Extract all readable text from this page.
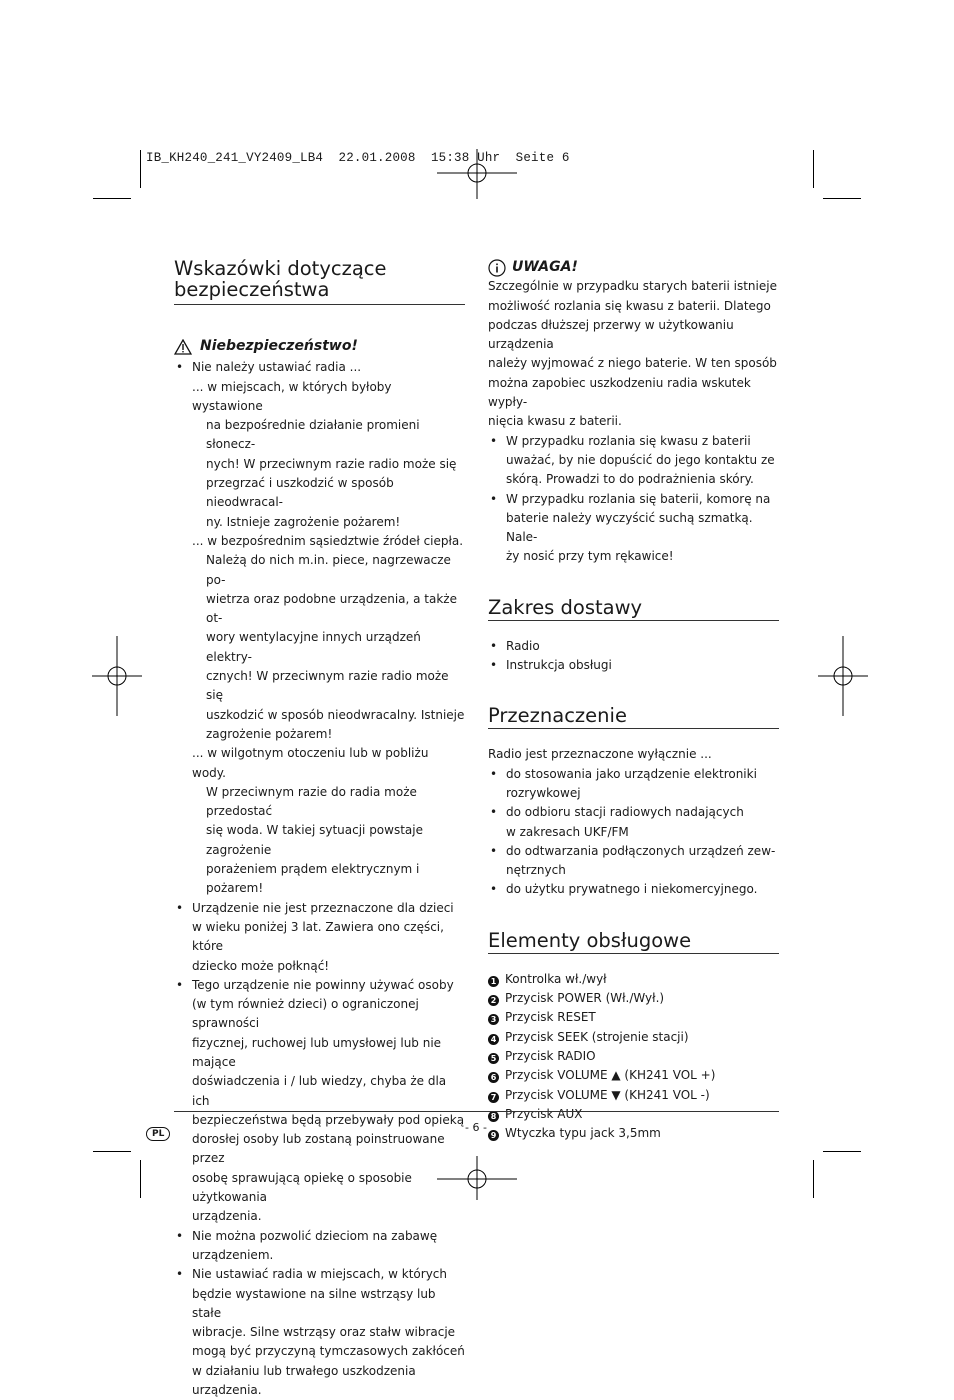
IB_KH240_241_VY2409_LB4  22.01.2008  15:38 Uhr  Seite 6
Wskazówki dotyczące
bezpieczeństwa
Niebezpieczeństwo!
• Nie należy ustawiać radia ...
... w miejscach, w których byłoby wystawione
na bezpośrednie działanie promieni słonecz-
nych! W przeciwnym razie radio może się
przegrzać i uszkodzić w sposób nieodwracal-
ny. Istnieje zagrożenie pożarem!
... w bezpośrednim sąsiedztwie źródeł ciepła.
Należą do nich m.in. piece, nagrzewacze po-
wietrza oraz podobne urządzenia, a także ot-
wory wentylacyjne innych urządzeń elektry-
cznych! W przeciwnym razie radio może się
uszkodzić w sposób nieodwracalny. Istnieje
zagrożenie pożarem!
... w wilgotnym otoczeniu lub w pobliżu wody.
W przeciwnym razie do radia może przedostać
się woda. W takiej sytuacji powstaje zagrożenie
porażeniem prądem elektrycznym i pożarem!
• Urządzenie nie jest przeznaczone dla dzieci
w wieku poniżej 3 lat. Zawiera ono części, które
dziecko może połknąć!
• Tego urządzenie nie powinny używać osoby
(w tym również dzieci) o ograniczonej sprawności
fizycznej, ruchowej lub umysłowej lub nie mające
doświadczenia i / lub wiedzy, chyba że dla ich
bezpieczeństwa będą przebywały pod opieką
dorosłej osoby lub zostaną poinstruowane przez
osobę sprawującą opiekę o sposobie użytkowania
urządzenia.
• Nie można pozwolić dzieciom na zabawę
urządzeniem.
• Nie ustawiać radia w miejscach, w których
będzie wystawione na silne wstrząsy lub stałe
wibracje. Silne wstrząsy oraz stałw wibracje
mogą być przyczyną tymczasowych zakłóceń
w działaniu lub trwałego uszkodzenia urządzenia.
UWAGA!
Szczególnie w przypadku starych baterii istnieje
możliwość rozlania się kwasu z baterii. Dlatego
podczas dłuższej przerwy w użytkowaniu urządzenia
należy wyjmować z niego baterie. W ten sposób
można zapobiec uszkodzeniu radia wskutek wypły-
nięcia kwasu z baterii.
• W przypadku rozlania się kwasu z baterii
uważać, by nie dopuścić do jego kontaktu ze
skórą. Prowadzi to do podrażnienia skóry.
• W przypadku rozlania się baterii, komorę na
baterie należy wyczyścić suchą szmatką. Nale-
ży nosić przy tym rękawice!
Zakres dostawy
• Radio
• Instrukcja obsługi
Przeznaczenie
Radio jest przeznaczone wyłącznie ...
• do stosowania jako urządzenie elektroniki
rozrywkowej
• do odbioru stacji radiowych nadających
w zakresach UKF/FM
• do odtwarzania podłączonych urządzeń zew-
nętrznych
• do użytku prywatnego i niekomercyjnego.
Elementy obsługowe
1 Kontrolka wł./wył
2 Przycisk POWER (Wł./Wył.)
3 Przycisk RESET
4 Przycisk SEEK (strojenie stacji)
5 Przycisk RADIO
6 Przycisk VOLUME ▲ (KH241 VOL +)
7 Przycisk VOLUME ▼ (KH241 VOL -)
8 Przycisk AUX
9 Wtyczka typu jack 3,5mm
PL	- 6 -
